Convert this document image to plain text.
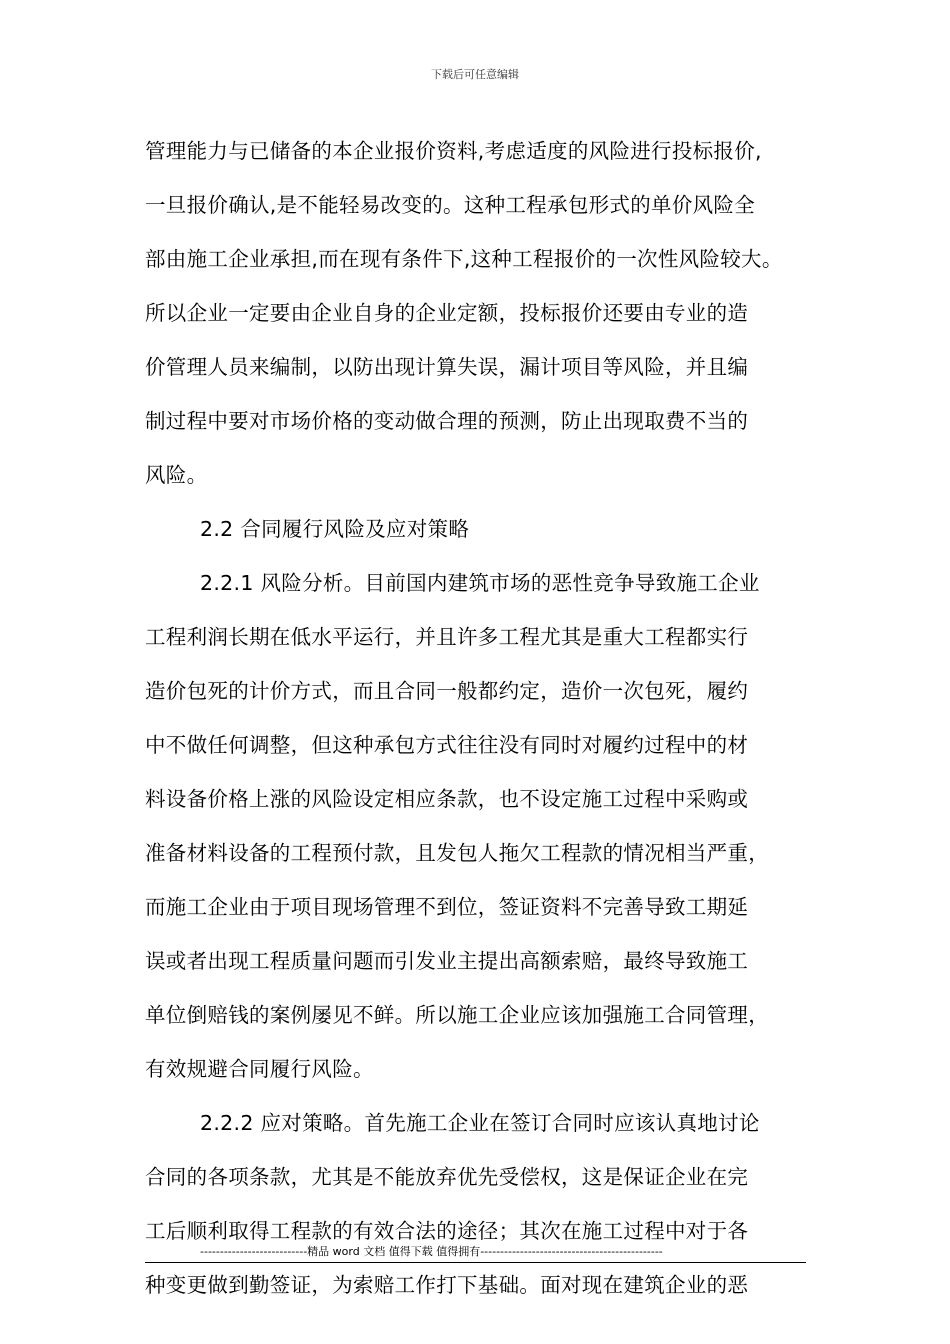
下载后可任意编辑
管理能力与已储备的本企业报价资料,考虑适度的风险进行投标报价,
一旦报价确认,是不能轻易改变的。这种工程承包形式的单价风险全
部由施工企业承担,而在现有条件下,这种工程报价的一次性风险较大。
所以企业一定要由企业自身的企业定额，投标报价还要由专业的造
价管理人员来编制，以防出现计算失误，漏计项目等风险，并且编
制过程中要对市场价格的变动做合理的预测，防止出现取费不当的
风险。
2.2 合同履行风险及应对策略
2.2.1 风险分析。目前国内建筑市场的恶性竞争导致施工企业
工程利润长期在低水平运行，并且许多工程尤其是重大工程都实行
造价包死的计价方式，而且合同一般都约定，造价一次包死，履约
中不做任何调整，但这种承包方式往往没有同时对履约过程中的材
料设备价格上涨的风险设定相应条款，也不设定施工过程中采购或
准备材料设备的工程预付款，且发包人拖欠工程款的情况相当严重，
而施工企业由于项目现场管理不到位，签证资料不完善导致工期延
误或者出现工程质量问题而引发业主提出高额索赔，最终导致施工
单位倒赔钱的案例屡见不鲜。所以施工企业应该加强施工合同管理，
有效规避合同履行风险。
2.2.2 应对策略。首先施工企业在签订合同时应该认真地讨论
合同的各项条款，尤其是不能放弃优先受偿权，这是保证企业在完
工后顺利取得工程款的有效合法的途径；其次在施工过程中对于各
种变更做到勤签证，为索赔工作打下基础。面对现在建筑企业的恶
---------------------------精品 word 文档 值得下载 值得拥有----------------------------------------------
